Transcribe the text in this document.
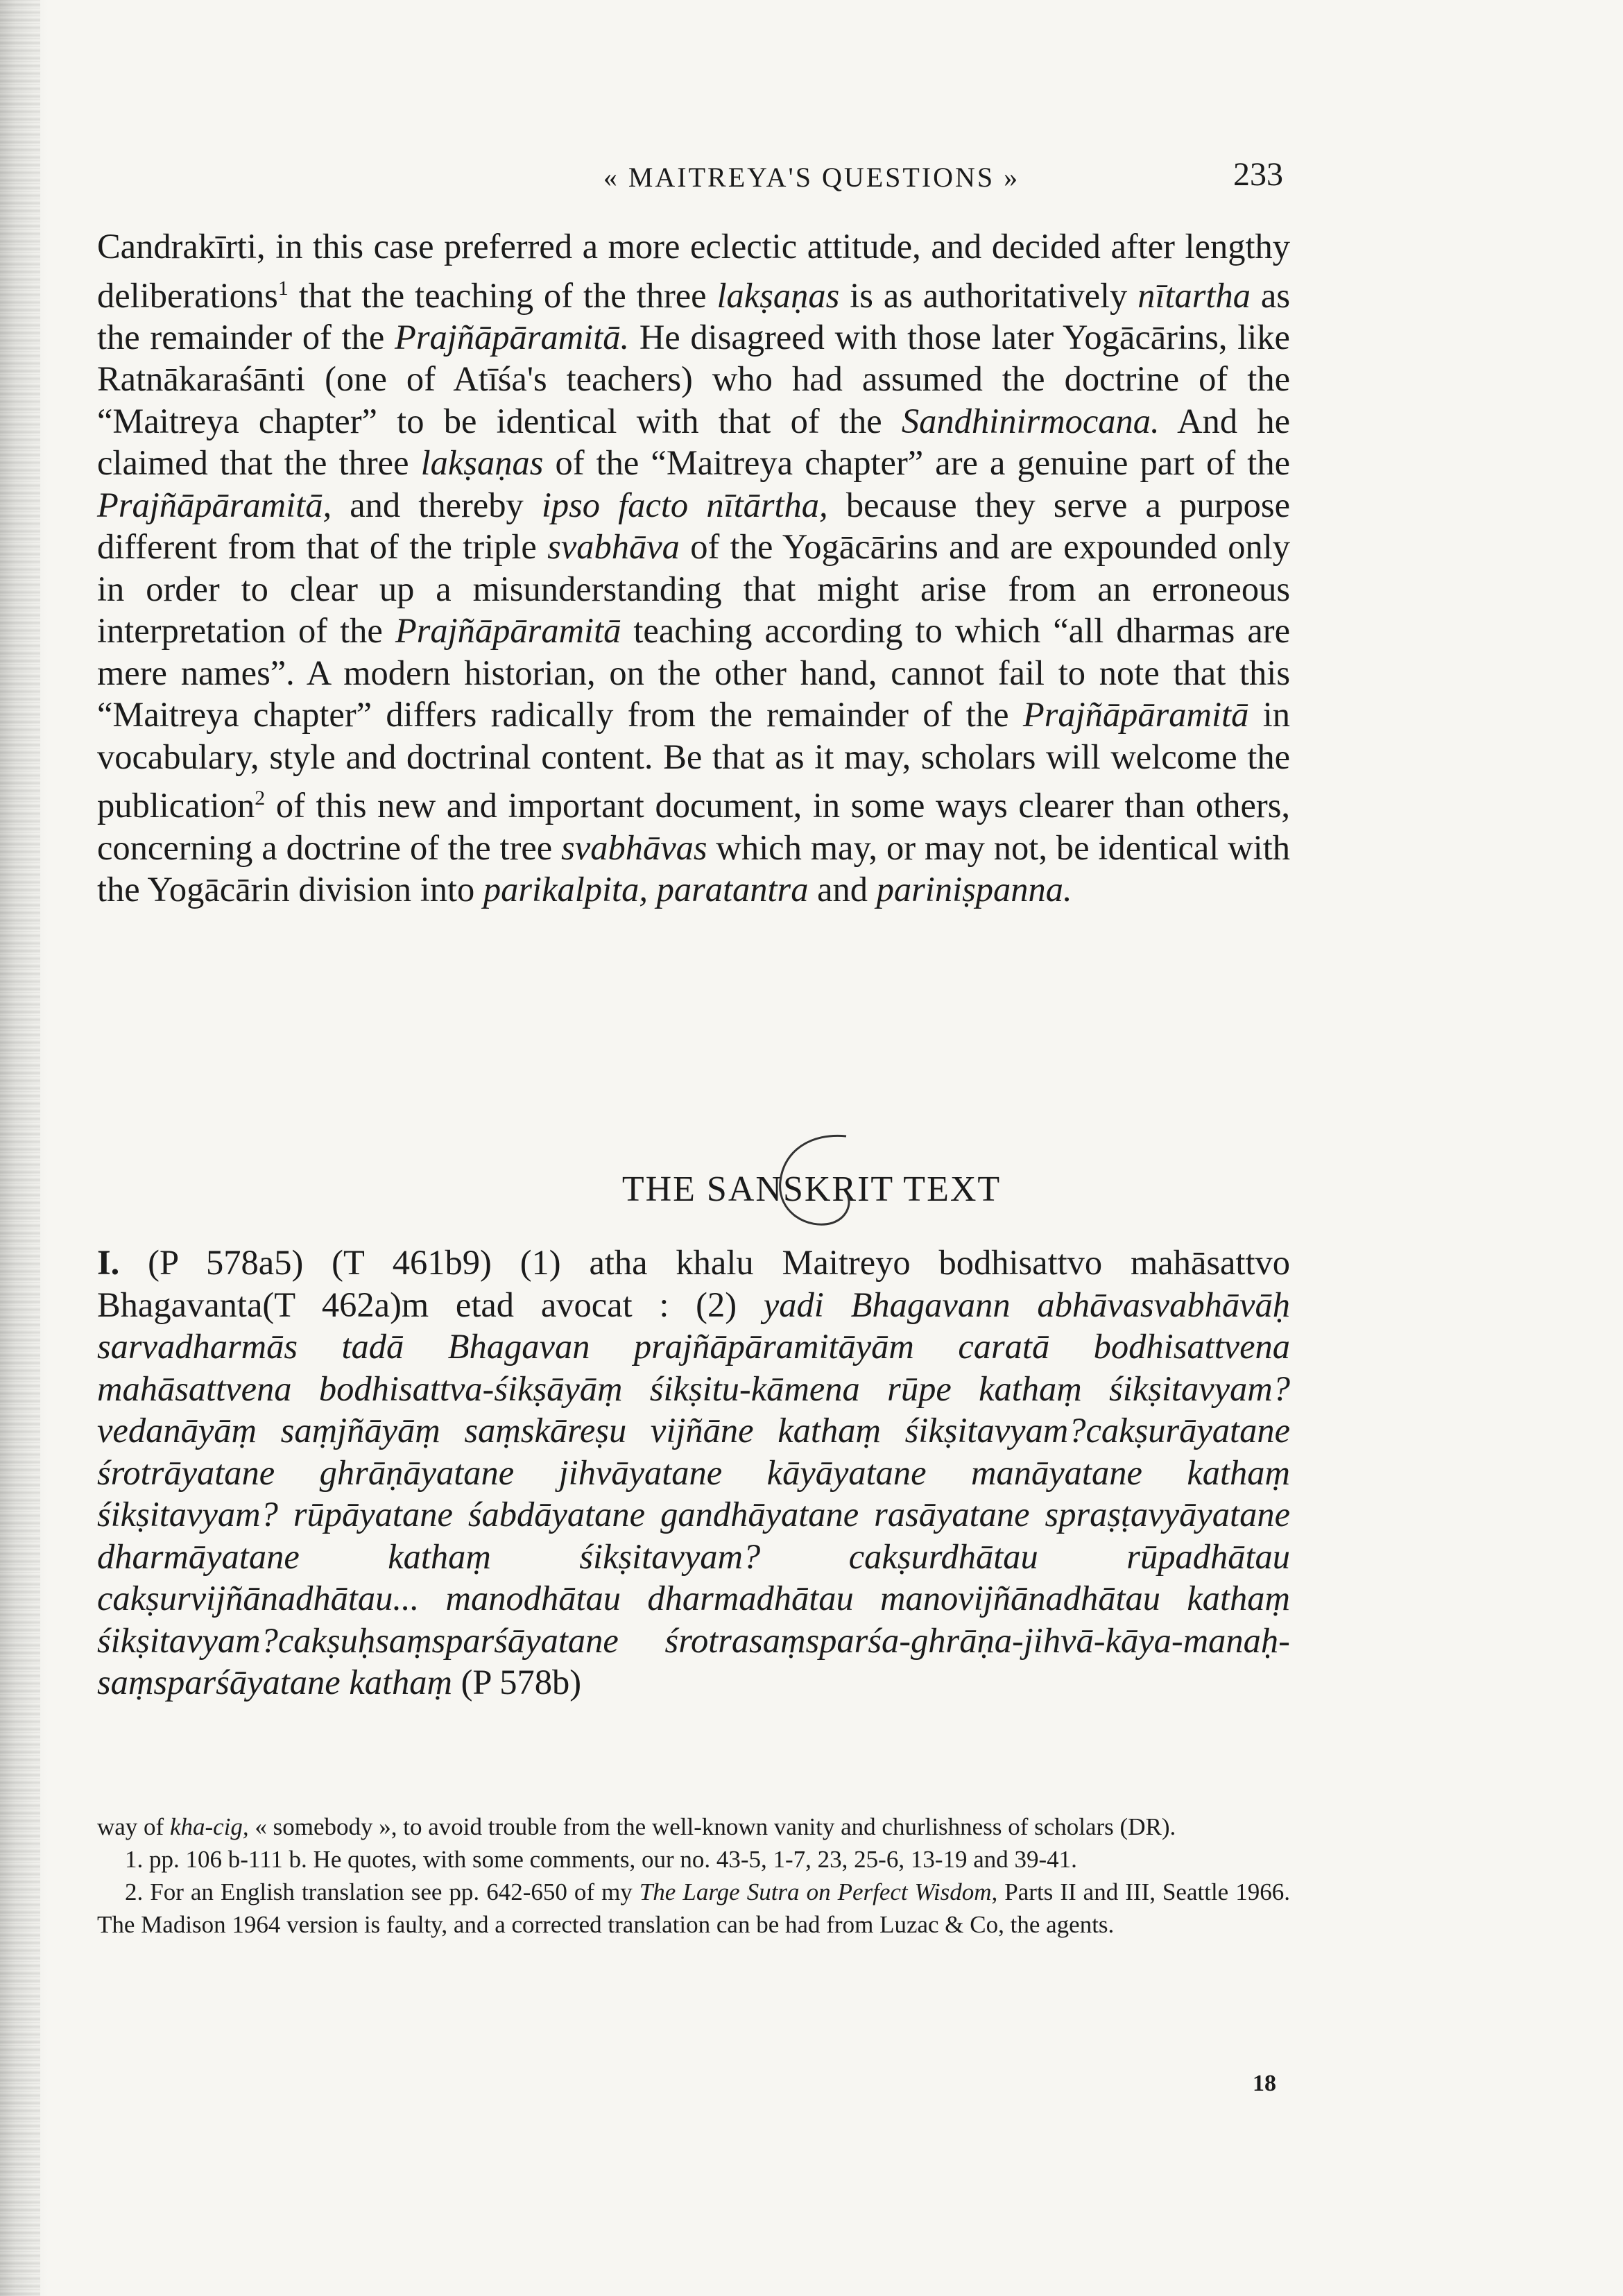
« MAITREYA'S QUESTIONS »	233

Candrakīrti, in this case preferred a more eclectic attitude, and decided after lengthy deliberations$^1$ that the teaching of the three lakṣaṇas is as authoritatively nītartha as the remainder of the Prajñāpāramitā. He disagreed with those later Yogācārins, like Ratnākaraśānti (one of Atīśa's teachers) who had assumed the doctrine of the “Maitreya chapter” to be identical with that of the Sandhinirmocana. And he claimed that the three lakṣaṇas of the “Maitreya chapter” are a genuine part of the Prajñāpāramitā, and thereby ipso facto nītārtha, because they serve a purpose different from that of the triple svabhāva of the Yogācārins and are expounded only in order to clear up a misunderstanding that might arise from an erroneous interpretation of the Prajñāpāramitā teaching according to which “all dharmas are mere names”. A modern historian, on the other hand, cannot fail to note that this “Maitreya chapter” differs radically from the remainder of the Prajñāpāramitā in vocabulary, style and doctrinal content. Be that as it may, scholars will welcome the publication$^2$ of this new and important document, in some ways clearer than others, concerning a doctrine of the tree svabhāvas which may, or may not, be identical with the Yogācārin division into parikalpita, paratantra and pariniṣpanna.

THE SANSKRIT TEXT

I. (P 578a5) (T 461b9) (1) atha khalu Maitreyo bodhisattvo mahāsattvo Bhagavanta(T 462a)m etad avocat : (2) yadi Bhagavann abhāvasvabhāvāḥ sarvadharmās tadā Bhagavan prajñāpāramitāyām caratā bodhisattvena mahāsattvena bodhisattva-śikṣāyāṃ śikṣitu-kāmena rūpe kathaṃ śikṣitavyam? vedanāyāṃ saṃjñāyāṃ saṃskāreṣu vijñāne kathaṃ śikṣitavyam?cakṣurāyatane śrotrāyatane ghrāṇāyatane jihvāyatane kāyāyatane manāyatane kathaṃ śikṣitavyam? rūpāyatane śabdāyatane gandhāyatane rasāyatane spraṣṭavyāyatane dharmāyatane kathaṃ śikṣitavyam? cakṣurdhātau rūpadhātau cakṣurvijñānadhātau... manodhātau dharmadhātau manovijñānadhātau kathaṃ śikṣitavyam?cakṣuḥsaṃsparśāyatane śrotrasaṃsparśa-ghrāṇa-jihvā-kāya-manaḥ-saṃsparśāyatane kathaṃ (P 578b)

way of kha-cig, « somebody », to avoid trouble from the well-known vanity and churlishness of scholars (DR).

1. pp. 106 b-111 b. He quotes, with some comments, our no. 43-5, 1-7, 23, 25-6, 13-19 and 39-41.

2. For an English translation see pp. 642-650 of my The Large Sutra on Perfect Wisdom, Parts II and III, Seattle 1966. The Madison 1964 version is faulty, and a corrected translation can be had from Luzac & Co, the agents.

18
